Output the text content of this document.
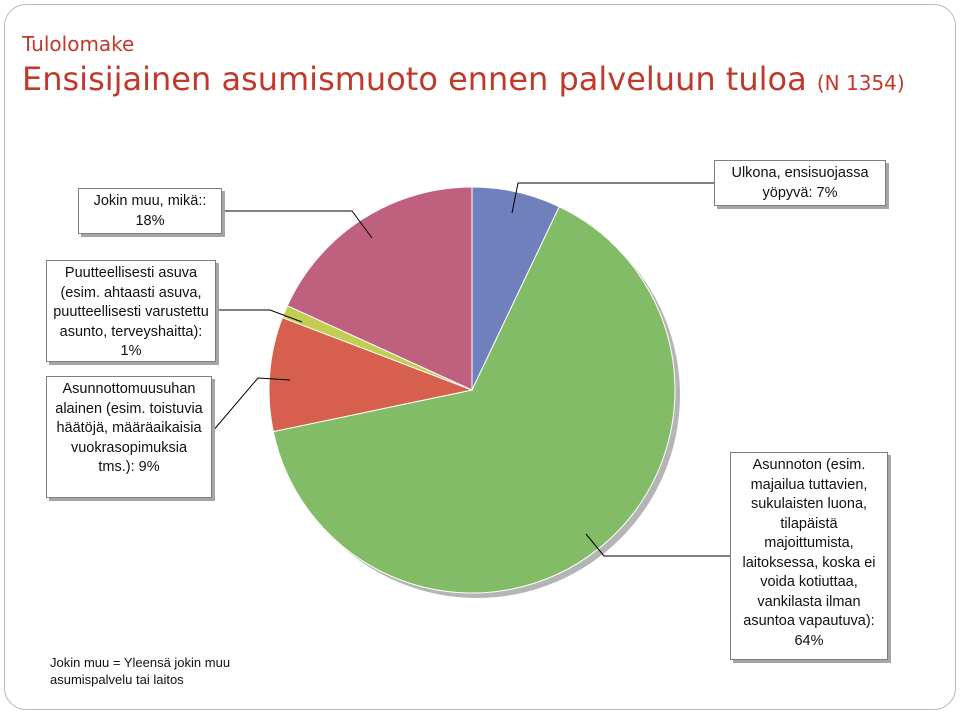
Tulolomake
Ensisijainen asumismuoto ennen palveluun tuloa (N 1354)
Ulkona, ensisuojassa yöpyvä: 7%
Asunnoton (esim. majailua tuttavien, sukulaisten luona, tilapäistä majoittumista, laitoksessa, koska ei voida kotiuttaa, vankilasta ilman asuntoa vapautuva): 64%
Asunnottomuusuhan alainen (esim. toistuvia häätöjä, määräaikaisia vuokrasopimuksia tms.): 9%
Puutteellisesti asuva (esim. ahtaasti asuva, puutteellisesti varustettu asunto, terveyshaitta): 1%
Jokin muu, mikä:: 18%
Jokin muu = Yleensä jokin muu asumispalvelu tai laitos
